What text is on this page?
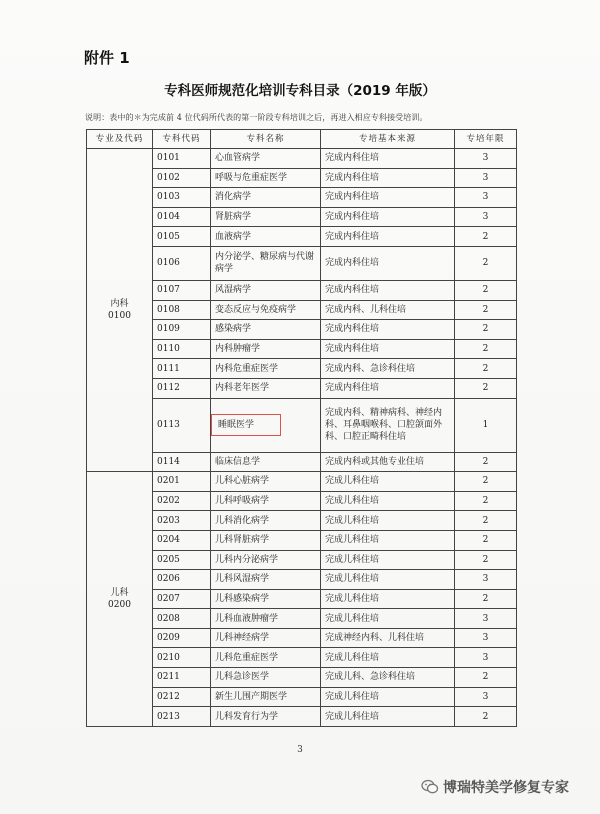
附件 1
专科医师规范化培训专科目录（2019 年版）
说明：表中的＊为完成前 4 位代码所代表的第一阶段专科培训之后，再进入相应专科接受培训。
专业及代码	专科代码	专科名称	专培基本来源	专培年限

内科
0100	0101	心血管病学	完成内科住培	3
	0102	呼吸与危重症医学	完成内科住培	3
	0103	消化病学	完成内科住培	3
	0104	肾脏病学	完成内科住培	3
	0105	血液病学	完成内科住培	2
	0106	内分泌学、糖尿病与代谢病学	完成内科住培	2
	0107	风湿病学	完成内科住培	2
	0108	变态反应与免疫病学	完成内科、儿科住培	2
	0109	感染病学	完成内科住培	2
	0110	内科肿瘤学	完成内科住培	2
	0111	内科危重症医学	完成内科、急诊科住培	2
	0112	内科老年医学	完成内科住培	2
	0113	睡眠医学	完成内科、精神病科、神经内科、耳鼻咽喉科、口腔颌面外科、口腔正畸科住培	1
	0114	临床信息学	完成内科或其他专业住培	2

儿科
0200	0201	儿科心脏病学	完成儿科住培	2
	0202	儿科呼吸病学	完成儿科住培	2
	0203	儿科消化病学	完成儿科住培	2
	0204	儿科肾脏病学	完成儿科住培	2
	0205	儿科内分泌病学	完成儿科住培	2
	0206	儿科风湿病学	完成儿科住培	3
	0207	儿科感染病学	完成儿科住培	2
	0208	儿科血液肿瘤学	完成儿科住培	3
	0209	儿科神经病学	完成神经内科、儿科住培	3
	0210	儿科危重症医学	完成儿科住培	3
	0211	儿科急诊医学	完成儿科、急诊科住培	2
	0212	新生儿围产期医学	完成儿科住培	3
	0213	儿科发育行为学	完成儿科住培	2
3
博瑞特美学修复专家
